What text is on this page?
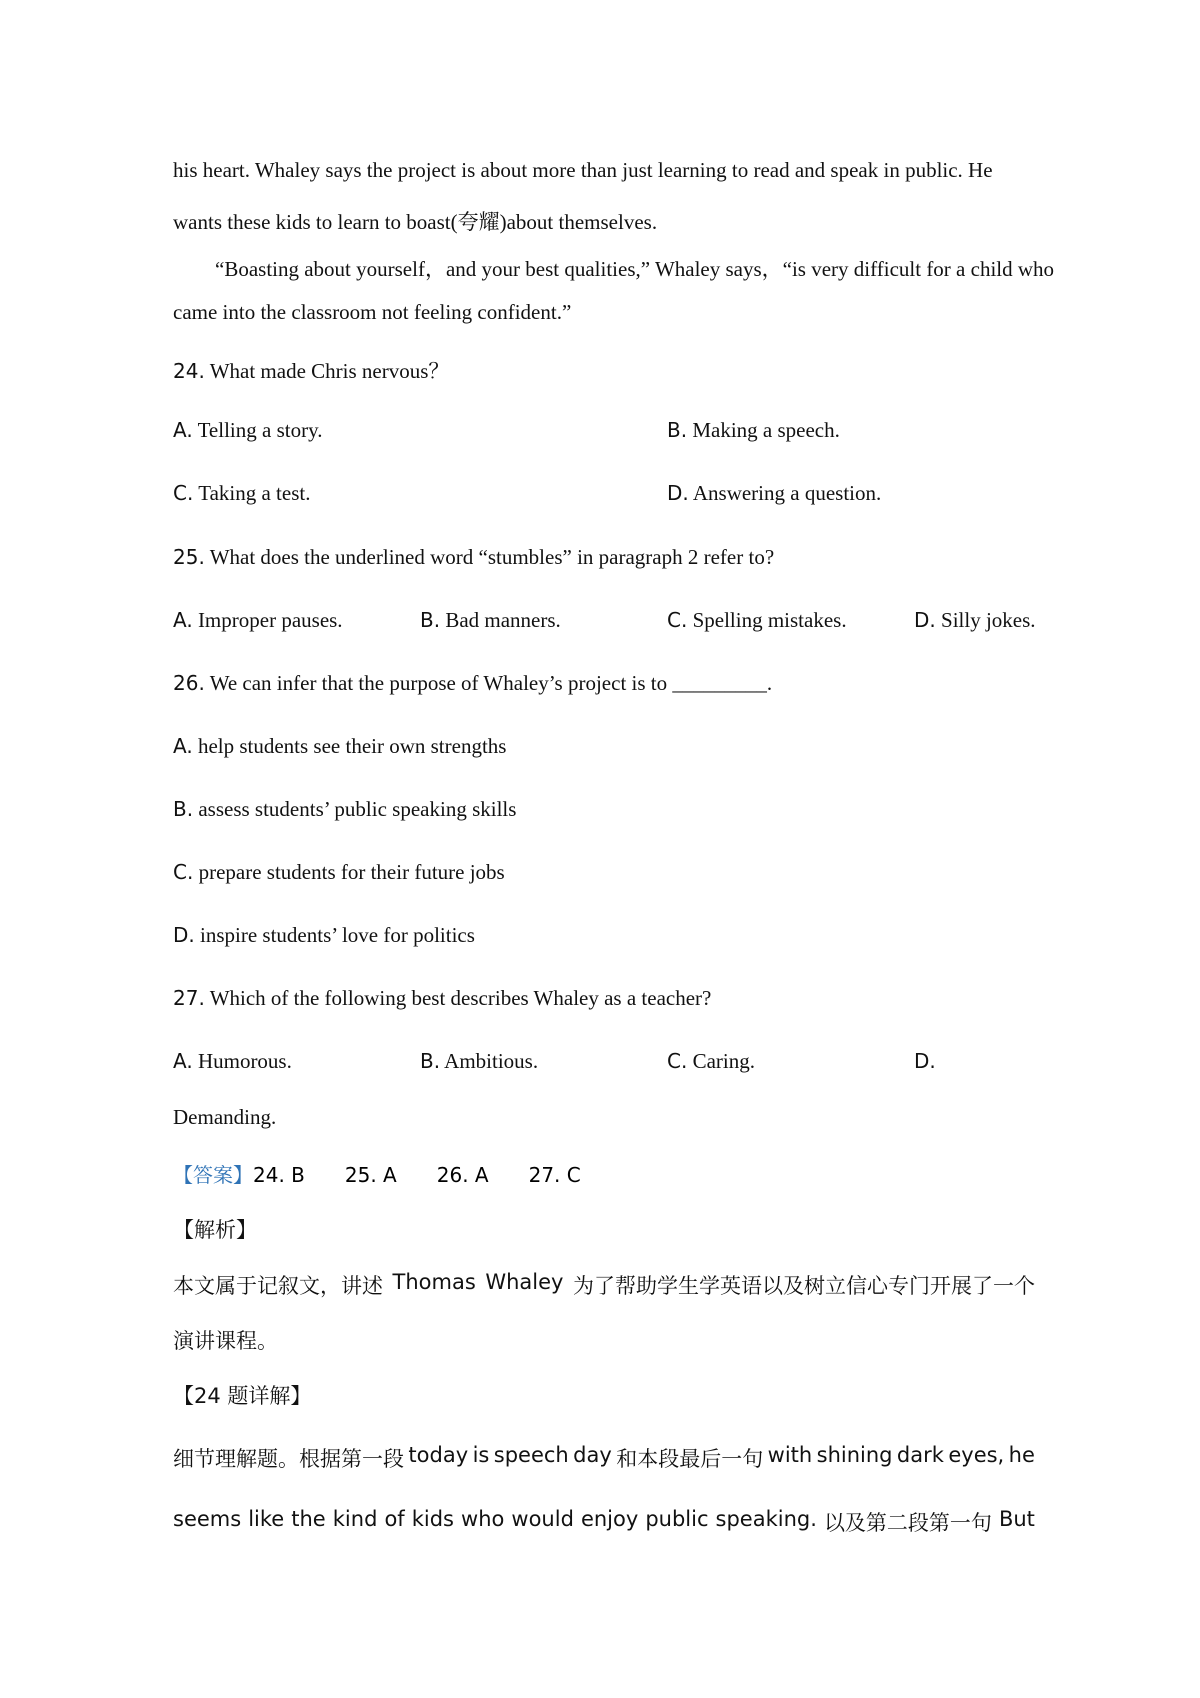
his heart. Whaley says the project is about more than just learning to read and speak in public. He
wants these kids to learn to boast(夸耀)about themselves.
“Boasting about yourself，and your best qualities,” Whaley says，“is very difficult for a child who
came into the classroom not feeling confident.”
24. What made Chris nervous？
A. Telling a story.	B. Making a speech.
C. Taking a test.	D. Answering a question.
25. What does the underlined word “stumbles” in paragraph 2 refer to?
A. Improper pauses.	B. Bad manners.	C. Spelling mistakes.	D. Silly jokes.
26. We can infer that the purpose of Whaley’s project is to _________.
A. help students see their own strengths
B. assess students’ public speaking skills
C. prepare students for their future jobs
D. inspire students’ love for politics
27. Which of the following best describes Whaley as a teacher?
A. Humorous.	B. Ambitious.	C. Caring.	D.
Demanding.
【答案】24. B 25. A 26. A 27. C
【解析】
本文属于记叙文，讲述 Thomas Whaley 为了帮助学生学英语以及树立信心专门开展了一个
演讲课程。
【24 题详解】
细节理解题。根据第一段 today is speech day 和本段最后一句 with shining dark eyes, he
seems like the kind of kids who would enjoy public speaking. 以及第二段第一句 But
